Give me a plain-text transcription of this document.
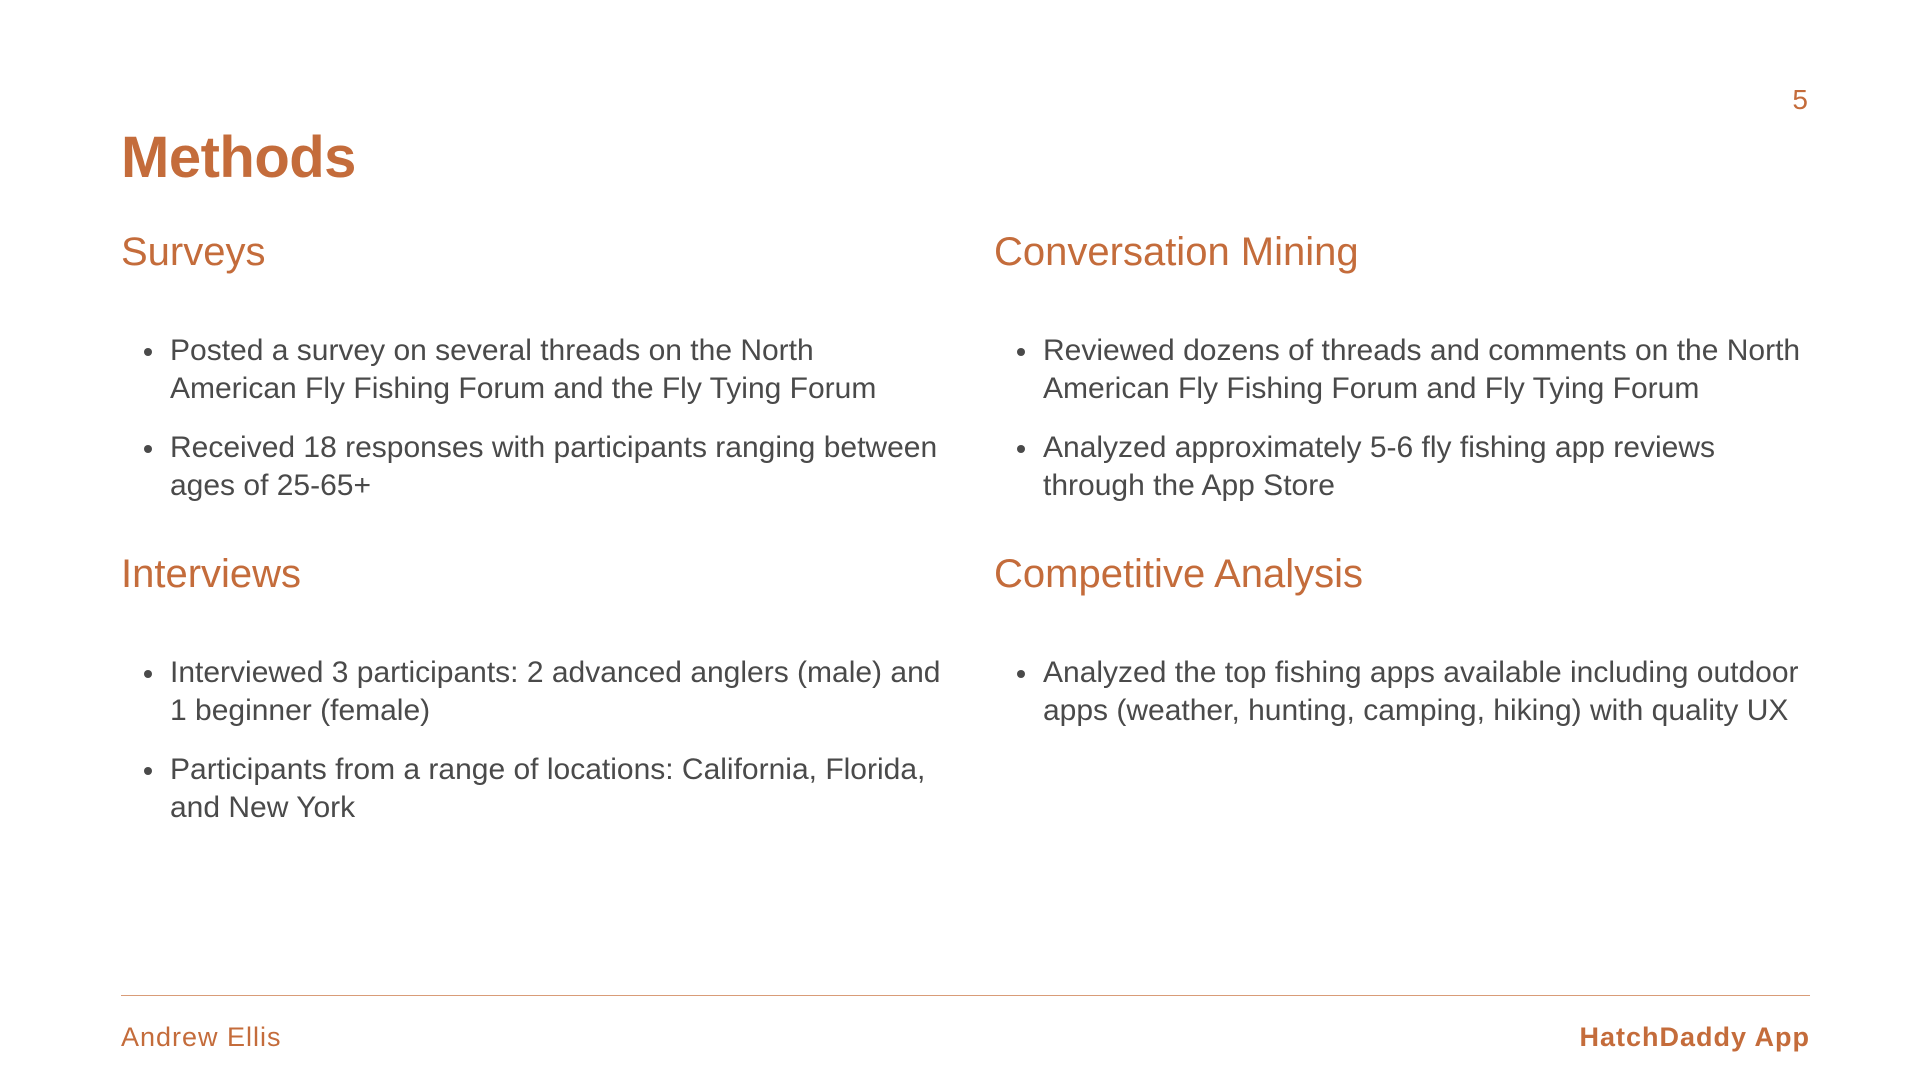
5
Methods
Surveys
Posted a survey on several threads on the North American Fly Fishing Forum and the Fly Tying Forum
Received 18 responses with participants ranging between ages of 25-65+
Interviews
Interviewed 3 participants: 2 advanced anglers (male) and 1 beginner (female)
Participants from a range of locations: California, Florida, and New York
Conversation Mining
Reviewed dozens of threads and comments on the North American Fly Fishing Forum and Fly Tying Forum
Analyzed approximately 5-6 fly fishing app reviews through the App Store
Competitive Analysis
Analyzed the top fishing apps available including outdoor apps (weather, hunting, camping, hiking) with quality UX
Andrew Ellis	HatchDaddy App
